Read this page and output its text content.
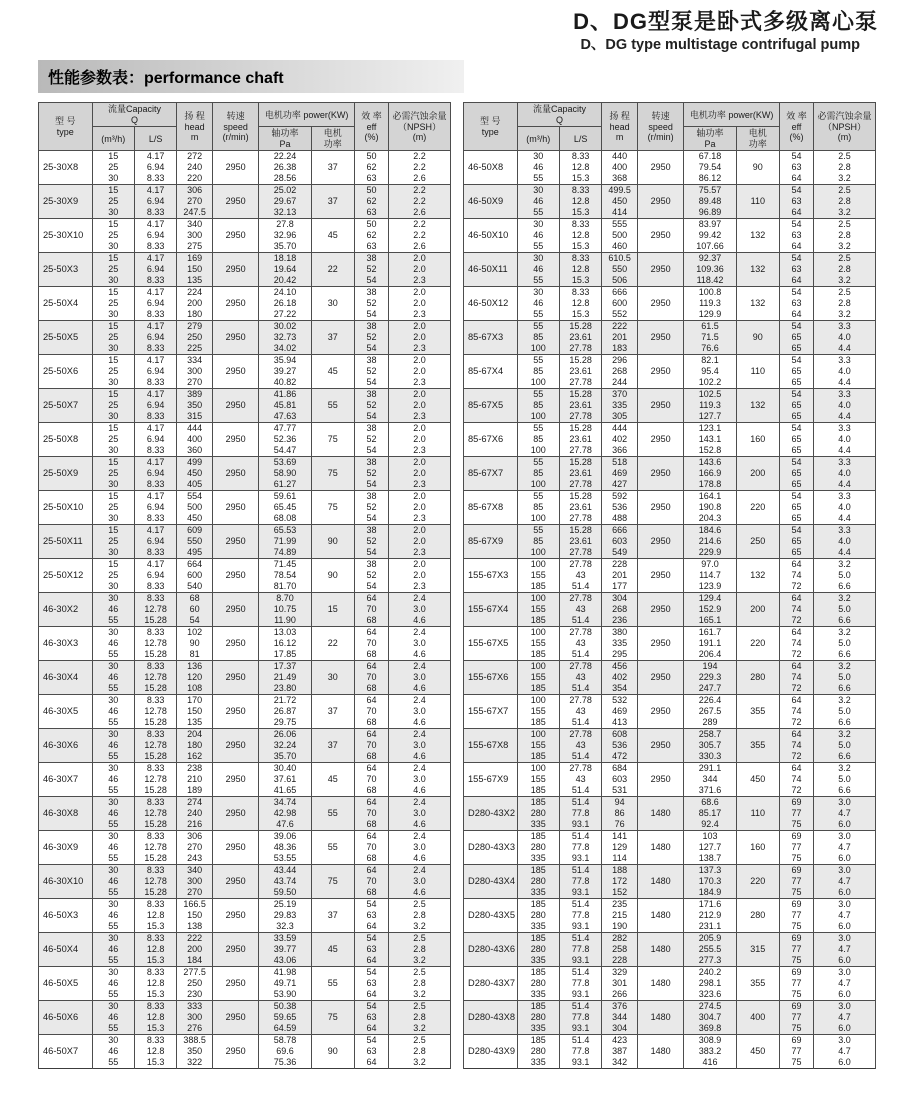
D、DG型泵是卧式多级离心泵
D、DG type multistage contrifugal pump
性能参数表：performance chaft
型 号
type	流量Capacity
Q		扬 程
head
m	转速
speed
(r/min)	电机功率 power(KW)		效 率
eff
(%)	必需汽蚀余量
（NPSH）
(m)

	(m³/h)	L/S			轴功率
Pa	电机
功率		

25-30X8	15	4.17	272	2950	22.24	37	50	2.2
	25	6.94	240		26.38		62	2.2
	30	8.33	220		28.56		63	2.6
25-30X9	15	4.17	306	2950	25.02	37	50	2.2
	25	6.94	270		29.67		62	2.2
	30	8.33	247.5		32.13		63	2.6
25-30X10	15	4.17	340	2950	27.8	45	50	2.2
	25	6.94	300		32.96		62	2.2
	30	8.33	275		35.70		63	2.6
25-50X3	15	4.17	169	2950	18.18	22	38	2.0
	25	6.94	150		19.64		52	2.0
	30	8.33	135		20.42		54	2.3
25-50X4	15	4.17	224	2950	24.10	30	38	2.0
	25	6.94	200		26.18		52	2.0
	30	8.33	180		27.22		54	2.3
25-50X5	15	4.17	279	2950	30.02	37	38	2.0
	25	6.94	250		32.73		52	2.0
	30	8.33	225		34.02		54	2.3
25-50X6	15	4.17	334	2950	35.94	45	38	2.0
	25	6.94	300		39.27		52	2.0
	30	8.33	270		40.82		54	2.3
25-50X7	15	4.17	389	2950	41.86	55	38	2.0
	25	6.94	350		45.81		52	2.0
	30	8.33	315		47.63		54	2.3
25-50X8	15	4.17	444	2950	47.77	75	38	2.0
	25	6.94	400		52.36		52	2.0
	30	8.33	360		54.47		54	2.3
25-50X9	15	4.17	499	2950	53.69	75	38	2.0
	25	6.94	450		58.90		52	2.0
	30	8.33	405		61.27		54	2.3
25-50X10	15	4.17	554	2950	59.61	75	38	2.0
	25	6.94	500		65.45		52	2.0
	30	8.33	450		68.08		54	2.3
25-50X11	15	4.17	609	2950	65.53	90	38	2.0
	25	6.94	550		71.99		52	2.0
	30	8.33	495		74.89		54	2.3
25-50X12	15	4.17	664	2950	71.45	90	38	2.0
	25	6.94	600		78.54		52	2.0
	30	8.33	540		81.70		54	2.3
46-30X2	30	8.33	68	2950	8.70	15	64	2.4
	46	12.78	60		10.75		70	3.0
	55	15.28	54		11.90		68	4.6
46-30X3	30	8.33	102	2950	13.03	22	64	2.4
	46	12.78	90		16.12		70	3.0
	55	15.28	81		17.85		68	4.6
46-30X4	30	8.33	136	2950	17.37	30	64	2.4
	46	12.78	120		21.49		70	3.0
	55	15.28	108		23.80		68	4.6
46-30X5	30	8.33	170	2950	21.72	37	64	2.4
	46	12.78	150		26.87		70	3.0
	55	15.28	135		29.75		68	4.6
46-30X6	30	8.33	204	2950	26.06	37	64	2.4
	46	12.78	180		32.24		70	3.0
	55	15.28	162		35.70		68	4.6
46-30X7	30	8.33	238	2950	30.40	45	64	2.4
	46	12.78	210		37.61		70	3.0
	55	15.28	189		41.65		68	4.6
46-30X8	30	8.33	274	2950	34.74	55	64	2.4
	46	12.78	240		42.98		70	3.0
	55	15.28	216		47.6		68	4.6
46-30X9	30	8.33	306	2950	39.06	55	64	2.4
	46	12.78	270		48.36		70	3.0
	55	15.28	243		53.55		68	4.6
46-30X10	30	8.33	340	2950	43.44	75	64	2.4
	46	12.78	300		43.74		70	3.0
	55	15.28	270		59.50		68	4.6
46-50X3	30	8.33	166.5	2950	25.19	37	54	2.5
	46	12.8	150		29.83		63	2.8
	55	15.3	138		32.3		64	3.2
46-50X4	30	8.33	222	2950	33.59	45	54	2.5
	46	12.8	200		39.77		63	2.8
	55	15.3	184		43.06		64	3.2
46-50X5	30	8.33	277.5	2950	41.98	55	54	2.5
	46	12.8	250		49.71		63	2.8
	55	15.3	230		53.90		64	3.2
46-50X6	30	8.33	333	2950	50.38	75	54	2.5
	46	12.8	300		59.65		63	2.8
	55	15.3	276		64.59		64	3.2
46-50X7	30	8.33	388.5	2950	58.78	90	54	2.5
	46	12.8	350		69.6		63	2.8
	55	15.3	322		75.36		64	3.2
型 号
type	流量Capacity
Q		扬 程
head
m	转速
speed
(r/min)	电机功率 power(KW)		效 率
eff
(%)	必需汽蚀余量
（NPSH）
(m)

	(m³/h)	L/S			轴功率
Pa	电机
功率		

46-50X8	30	8.33	440	2950	67.18	90	54	2.5
	46	12.8	400		79.54		63	2.8
	55	15.3	368		86.12		64	3.2
46-50X9	30	8.33	499.5	2950	75.57	110	54	2.5
	46	12.8	450		89.48		63	2.8
	55	15.3	414		96.89		64	3.2
46-50X10	30	8.33	555	2950	83.97	132	54	2.5
	46	12.8	500		99.42		63	2.8
	55	15.3	460		107.66		64	3.2
46-50X11	30	8.33	610.5	2950	92.37	132	54	2.5
	46	12.8	550		109.36		63	2.8
	55	15.3	506		118.42		64	3.2
46-50X12	30	8.33	666	2950	100.8	132	54	2.5
	46	12.8	600		119.3		63	2.8
	55	15.3	552		129.9		64	3.2
85-67X3	55	15.28	222	2950	61.5	90	54	3.3
	85	23.61	201		71.5		65	4.0
	100	27.78	183		76.6		65	4.4
85-67X4	55	15.28	296	2950	82.1	110	54	3.3
	85	23.61	268		95.4		65	4.0
	100	27.78	244		102.2		65	4.4
85-67X5	55	15.28	370	2950	102.5	132	54	3.3
	85	23.61	335		119.3		65	4.0
	100	27.78	305		127.7		65	4.4
85-67X6	55	15.28	444	2950	123.1	160	54	3.3
	85	23.61	402		143.1		65	4.0
	100	27.78	366		152.8		65	4.4
85-67X7	55	15.28	518	2950	143.6	200	54	3.3
	85	23.61	469		166.9		65	4.0
	100	27.78	427		178.8		65	4.4
85-67X8	55	15.28	592	2950	164.1	220	54	3.3
	85	23.61	536		190.8		65	4.0
	100	27.78	488		204.3		65	4.4
85-67X9	55	15.28	666	2950	184.6	250	54	3.3
	85	23.61	603		214.6		65	4.0
	100	27.78	549		229.9		65	4.4
155-67X3	100	27.78	228	2950	97.0	132	64	3.2
	155	43	201		114.7		74	5.0
	185	51.4	177		123.9		72	6.6
155-67X4	100	27.78	304	2950	129.4	200	64	3.2
	155	43	268		152.9		74	5.0
	185	51.4	236		165.1		72	6.6
155-67X5	100	27.78	380	2950	161.7	220	64	3.2
	155	43	335		191.1		74	5.0
	185	51.4	295		206.4		72	6.6
155-67X6	100	27.78	456	2950	194	280	64	3.2
	155	43	402		229.3		74	5.0
	185	51.4	354		247.7		72	6.6
155-67X7	100	27.78	532	2950	226.4	355	64	3.2
	155	43	469		267.5		74	5.0
	185	51.4	413		289		72	6.6
155-67X8	100	27.78	608	2950	258.7	355	64	3.2
	155	43	536		305.7		74	5.0
	185	51.4	472		330.3		72	6.6
155-67X9	100	27.78	684	2950	291.1	450	64	3.2
	155	43	603		344		74	5.0
	185	51.4	531		371.6		72	6.6
D280-43X2	185	51.4	94	1480	68.6	110	69	3.0
	280	77.8	86		85.17		77	4.7
	335	93.1	76		92.4		75	6.0
D280-43X3	185	51.4	141	1480	103	160	69	3.0
	280	77.8	129		127.7		77	4.7
	335	93.1	114		138.7		75	6.0
D280-43X4	185	51.4	188	1480	137.3	220	69	3.0
	280	77.8	172		170.3		77	4.7
	335	93.1	152		184.9		75	6.0
D280-43X5	185	51.4	235	1480	171.6	280	69	3.0
	280	77.8	215		212.9		77	4.7
	335	93.1	190		231.1		75	6.0
D280-43X6	185	51.4	282	1480	205.9	315	69	3.0
	280	77.8	258		255.5		77	4.7
	335	93.1	228		277.3		75	6.0
D280-43X7	185	51.4	329	1480	240.2	355	69	3.0
	280	77.8	301		298.1		77	4.7
	335	93.1	266		323.6		75	6.0
D280-43X8	185	51.4	376	1480	274.5	400	69	3.0
	280	77.8	344		304.7		77	4.7
	335	93.1	304		369.8		75	6.0
D280-43X9	185	51.4	423	1480	308.9	450	69	3.0
	280	77.8	387		383.2		77	4.7
	335	93.1	342		416		75	6.0
